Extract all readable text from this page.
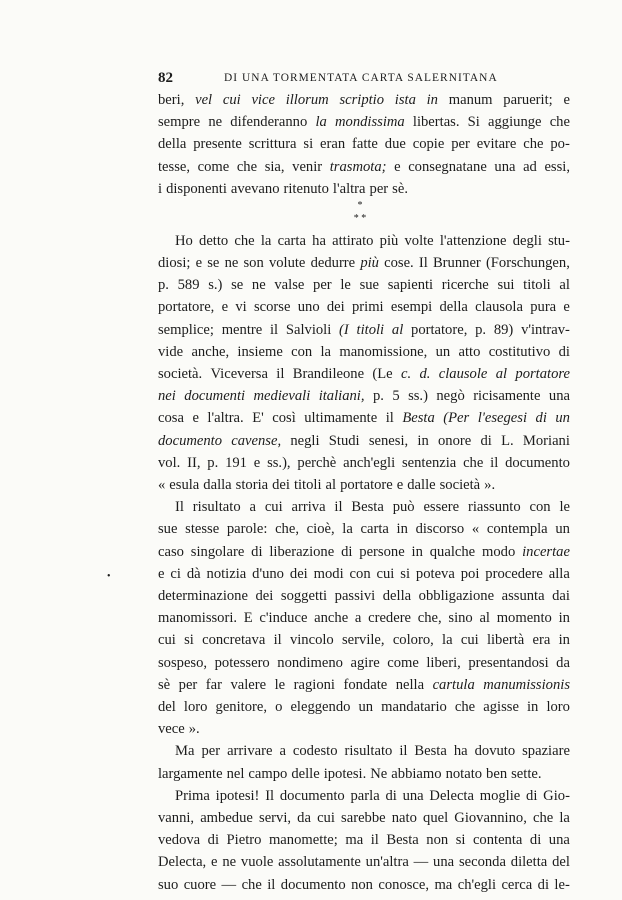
82	DI UNA TORMENTATA CARTA SALERNITANA
beri, vel cui vice illorum scriptio ista in manum paruerit; e
sempre ne difenderanno la mondissima libertas. Si aggiunge che
della presente scrittura si eran fatte due copie per evitare che po-
tesse, come che sia, venir trasmota; e consegnatane una ad essi,
i disponenti avevano ritenuto l'altra per sè.
Ho detto che la carta ha attirato più volte l'attenzione degli stu-
diosi; e se ne son volute dedurre più cose. Il Brunner (Forschungen,
p. 589 s.) se ne valse per le sue sapienti ricerche sui titoli al
portatore, e vi scorse uno dei primi esempi della clausola pura e
semplice; mentre il Salvioli (I titoli al portatore, p. 89) v'intrav-
vide anche, insieme con la manomissione, un atto costitutivo di
società. Viceversa il Brandileone (Le c. d. clausole al portatore
nei documenti medievali italiani, p. 5 ss.) negò ricisamente una
cosa e l'altra. E' così ultimamente il Besta (Per l'esegesi di un
documento cavense, negli Studi senesi, in onore di L. Moriani
vol. II, p. 191 e ss.), perchè anch'egli sentenzia che il documento
« esula dalla storia dei titoli al portatore e dalle società ».
Il risultato a cui arriva il Besta può essere riassunto con le
sue stesse parole: che, cioè, la carta in discorso « contempla un
caso singolare di liberazione di persone in qualche modo incertae
e ci dà notizia d'uno dei modi con cui si poteva poi procedere alla
determinazione dei soggetti passivi della obbligazione assunta dai
manomissori. E c'induce anche a credere che, sino al momento in
cui si concretava il vincolo servile, coloro, la cui libertà era in
sospeso, potessero nondimeno agire come liberi, presentandosi da
sè per far valere le ragioni fondate nella cartula manumissionis
del loro genitore, o eleggendo un mandatario che agisse in loro
vece ».
Ma per arrivare a codesto risultato il Besta ha dovuto spaziare
largamente nel campo delle ipotesi. Ne abbiamo notato ben sette.
Prima ipotesi! Il documento parla di una Delecta moglie di Gio-
vanni, ambedue servi, da cui sarebbe nato quel Giovannino, che la
vedova di Pietro manomette; ma il Besta non si contenta di una
Delecta, e ne vuole assolutamente un'altra — una seconda diletta del
suo cuore — che il documento non conosce, ma ch'egli cerca di le-
*
* *
•
